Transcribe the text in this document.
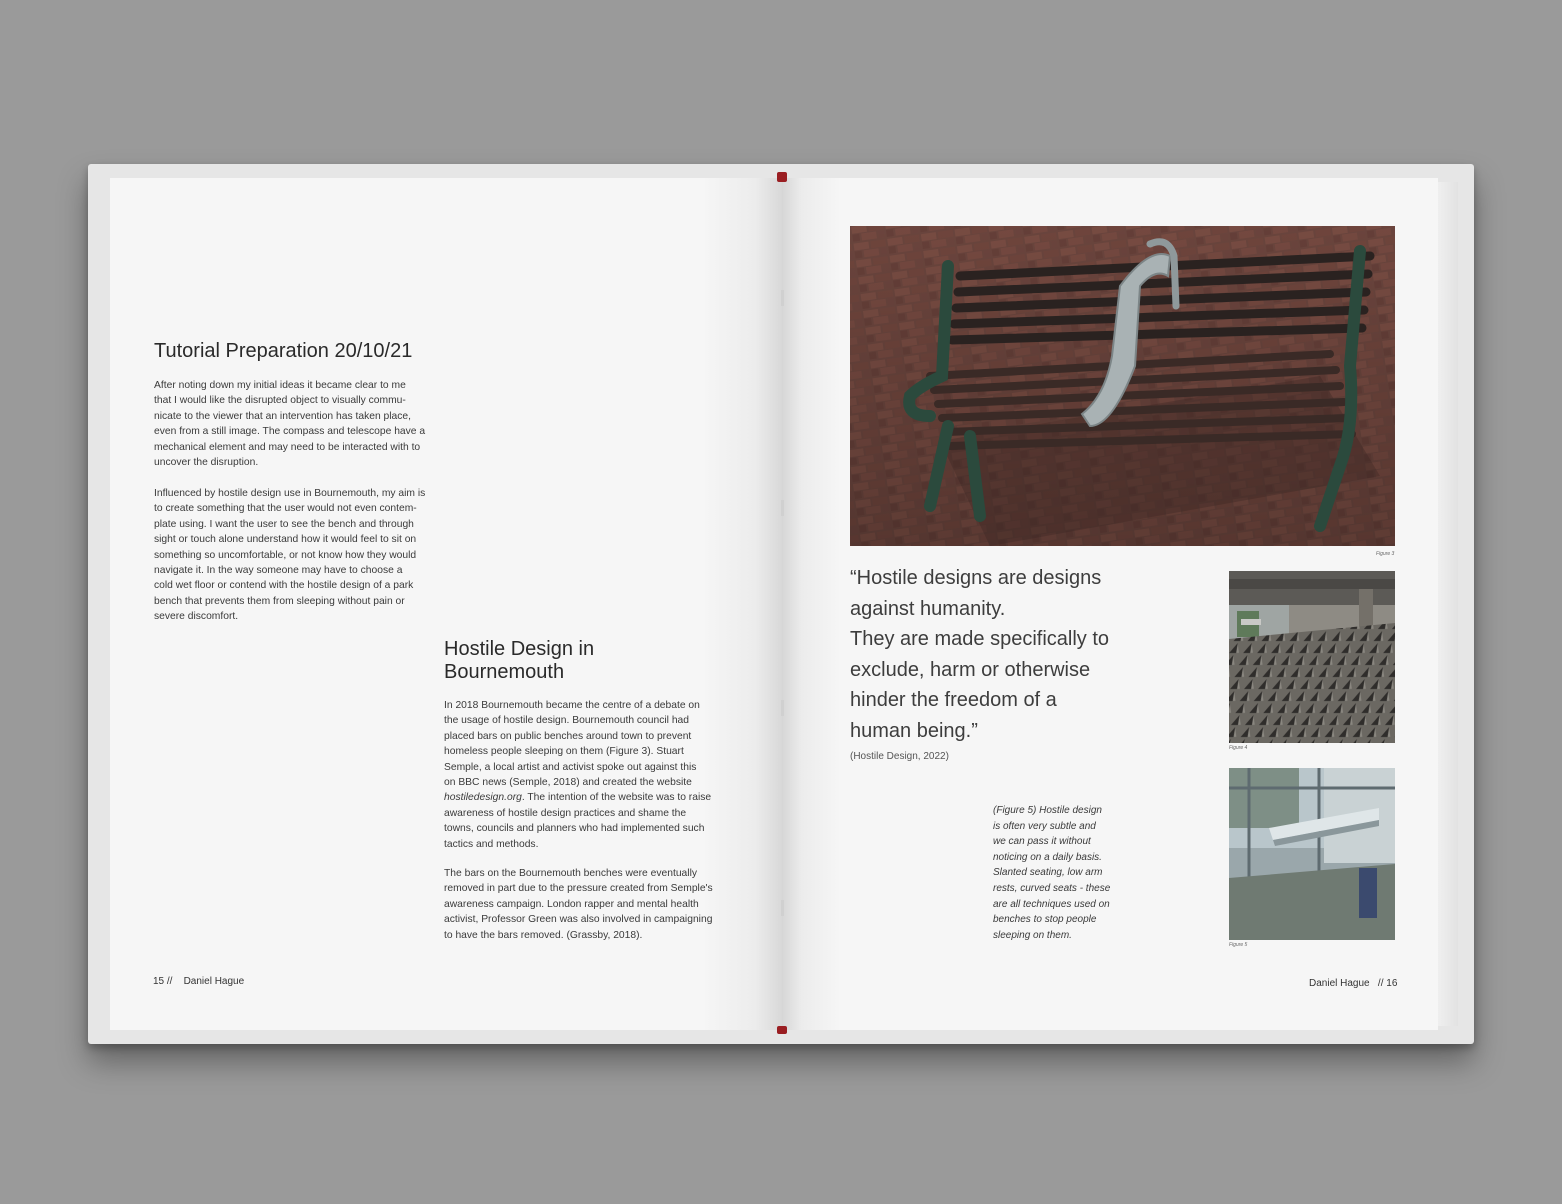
Tutorial Preparation 20/10/21
After noting down my initial ideas it became clear to me
that I would like the disrupted object to visually commu-
nicate to the viewer that an intervention has taken place,
even from a still image. The compass and telescope have a
mechanical element and may need to be interacted with to
uncover the disruption.
Influenced by hostile design use in Bournemouth, my aim is
to create something that the user would not even contem-
plate using. I want the user to see the bench and through
sight or touch alone understand how it would feel to sit on
something so uncomfortable, or not know how they would
navigate it. In the way someone may have to choose a
cold wet floor or contend with the hostile design of a park
bench that prevents them from sleeping without pain or
severe discomfort.
Hostile Design in
Bournemouth
In 2018 Bournemouth became the centre of a debate on
the usage of hostile design. Bournemouth council had
placed bars on public benches around town to prevent
homeless people sleeping on them (Figure 3). Stuart
Semple, a local artist and activist spoke out against this
on BBC news (Semple, 2018) and created the website
hostiledesign.org. The intention of the website was to raise
awareness of hostile design practices and shame the
towns, councils and planners who had implemented such
tactics and methods.
The bars on the Bournemouth benches were eventually
removed in part due to the pressure created from Semple's
awareness campaign. London rapper and mental health
activist, Professor Green was also involved in campaigning
to have the bars removed. (Grassby, 2018).
15 //    Daniel Hague
Figure 3
“Hostile designs are designs
against humanity.
They are made specifically to
exclude, harm or otherwise
hinder the freedom of a
human being.”
(Hostile Design, 2022)
(Figure 5) Hostile design
is often very subtle and
we can pass it without
noticing on a daily basis.
Slanted seating, low arm
rests, curved seats - these
are all techniques used on
benches to stop people
sleeping on them.
Figure 4
Figure 5
Daniel Hague   // 16
